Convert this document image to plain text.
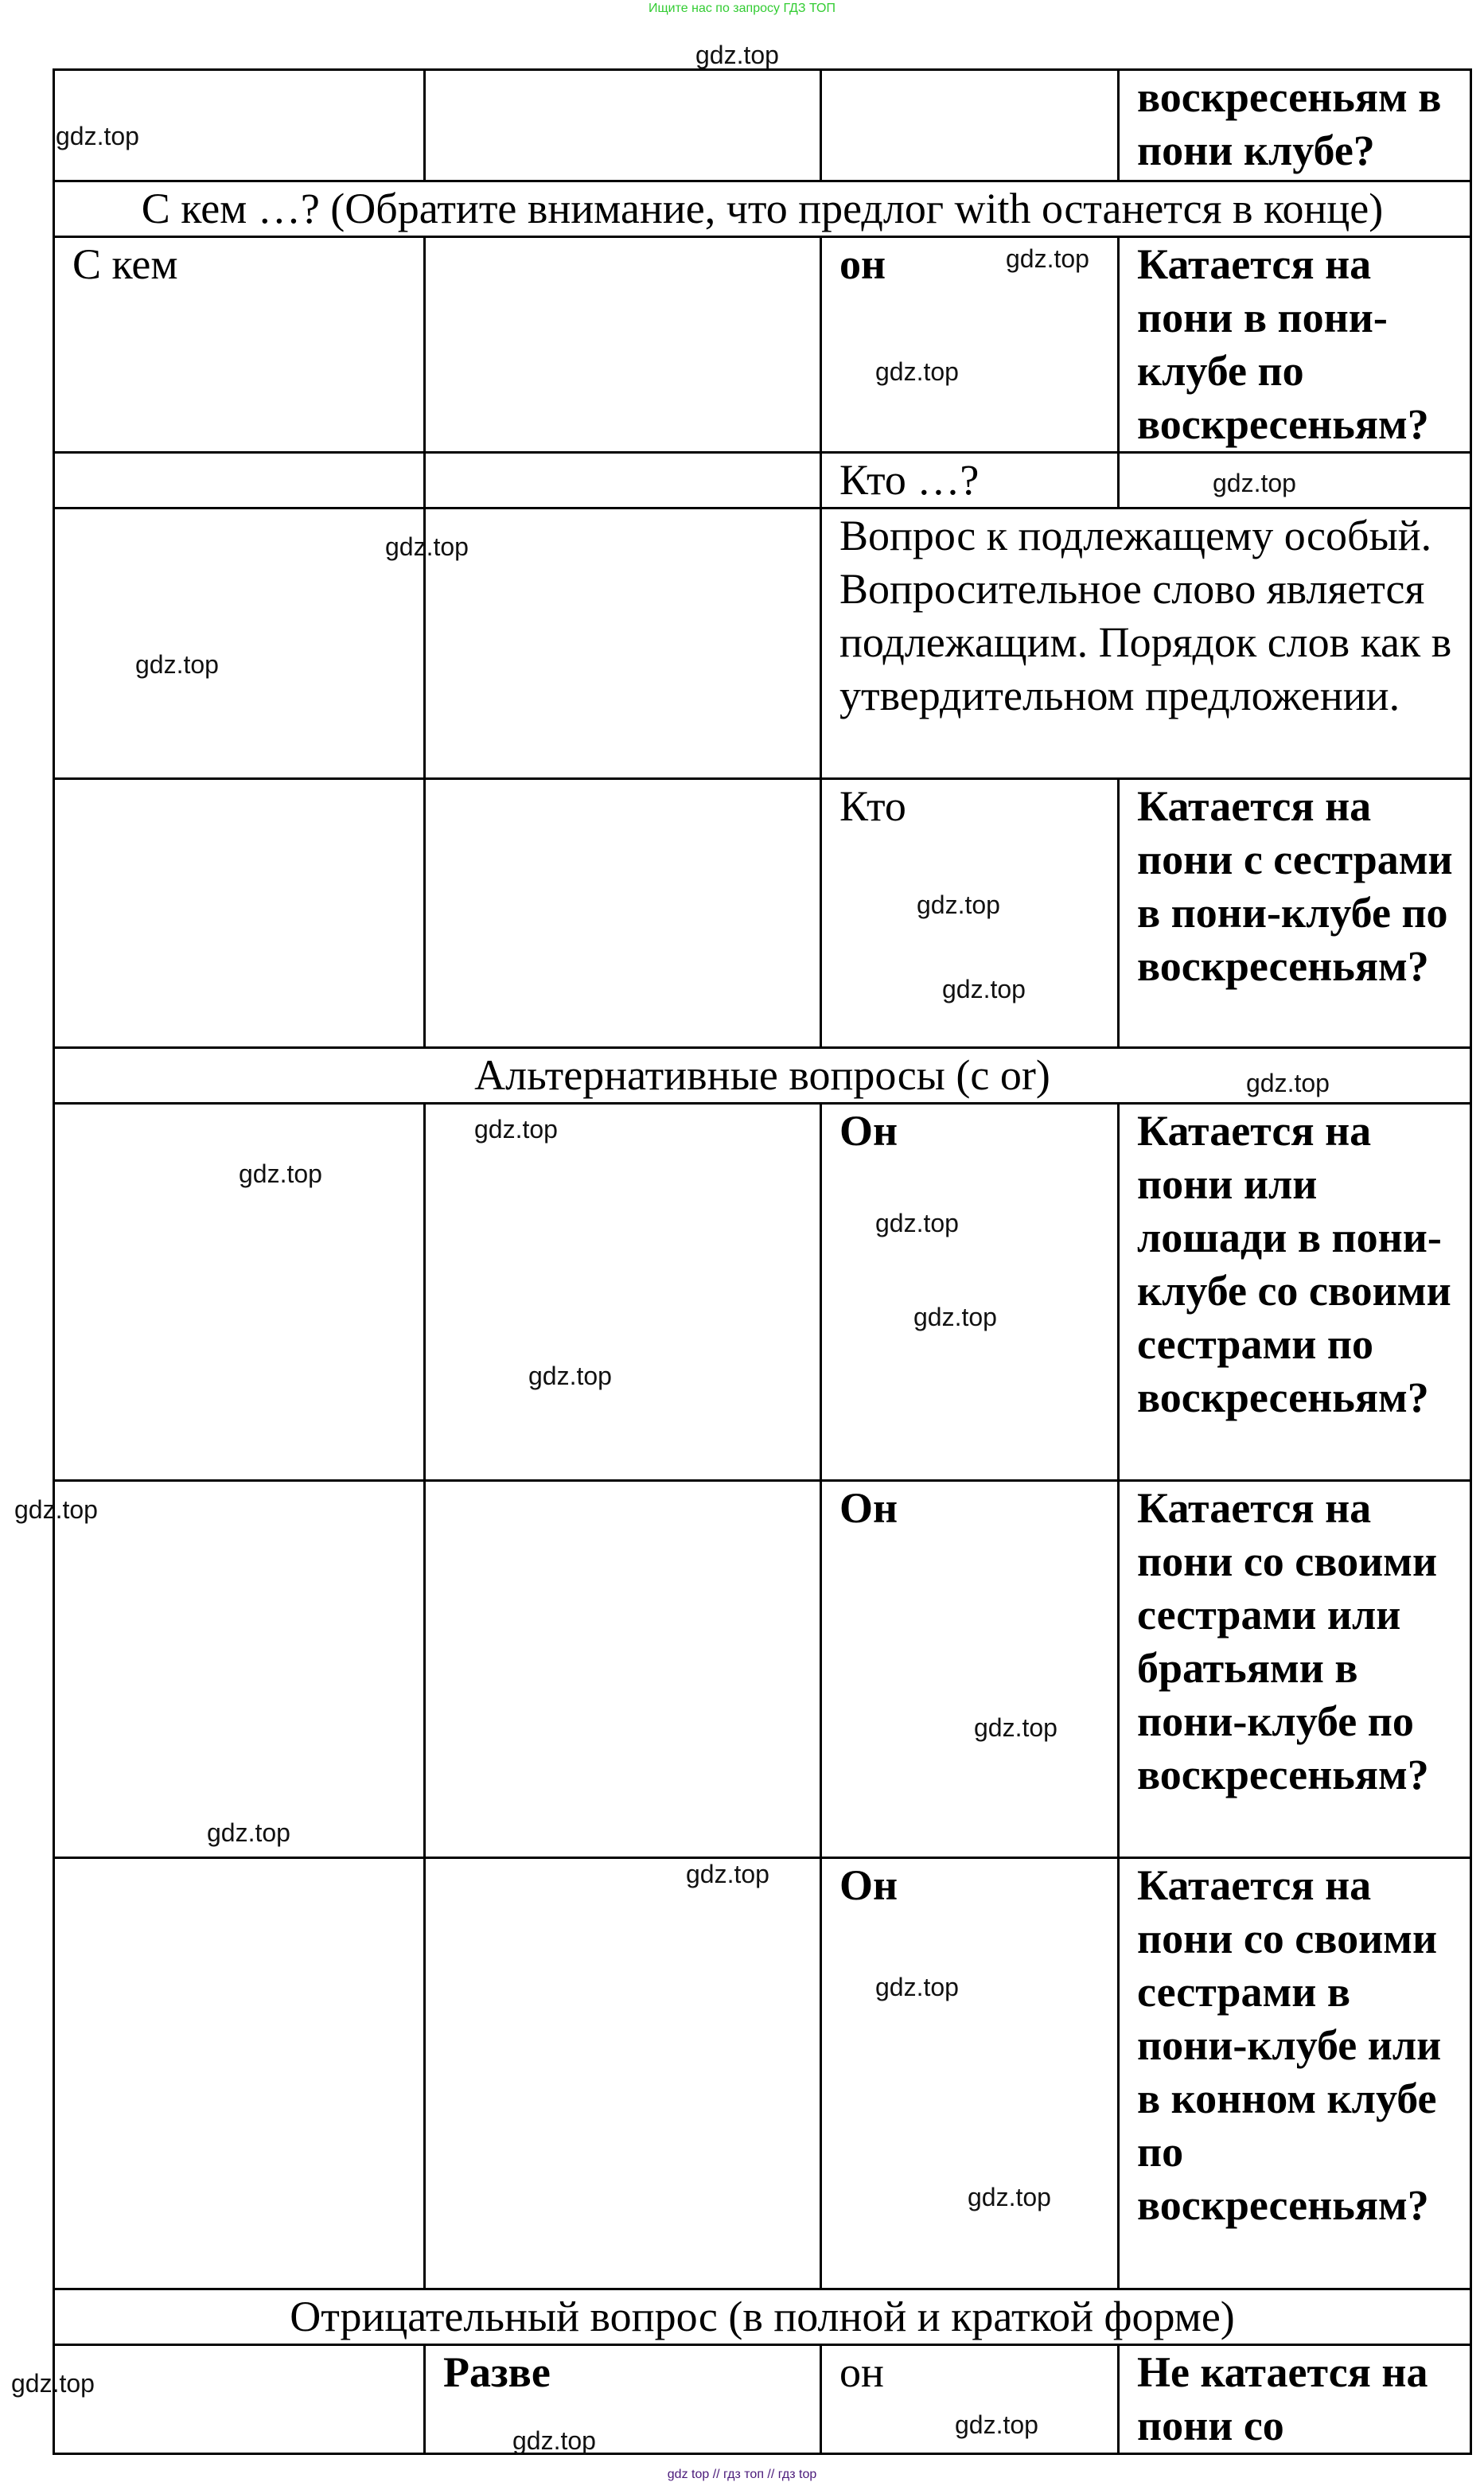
Ищите нас по запросу ГДЗ ТОП
			воскресеньям в пони клубе?
С кем …? (Обратите внимание, что предлог with останется в конце)			
С кем		он	Катается на пони в пони-клубе по воскресеньям?
		Кто …?	
		Вопрос к подлежащему особый. Вопросительное слово является подлежащим. Порядок слов как в утвердительном предложении.	
		Кто	Катается на пони с сестрами в пони-клубе по воскресеньям?
Альтернативные вопросы (с or)			
		Он	Катается на пони или лошади в пони-клубе со своими сестрами по воскресеньям?
		Он	Катается на пони со своими сестрами или братьями в пони-клубе по воскресеньям?
		Он	Катается на пони со своими сестрами в пони-клубе или в конном клубе по воскресеньям?
Отрицательный вопрос (в полной и краткой форме)			
	Разве	он	Не катается на пони со
gdz.top
gdz.top
gdz.top
gdz.top
gdz.top
gdz.top
gdz.top
gdz.top
gdz.top
gdz.top
gdz.top
gdz.top
gdz.top
gdz.top
gdz.top
gdz.top
gdz.top
gdz.top
gdz.top
gdz.top
gdz.top
gdz.top
gdz.top
gdz.top
gdz top // гдз топ // гдз top
